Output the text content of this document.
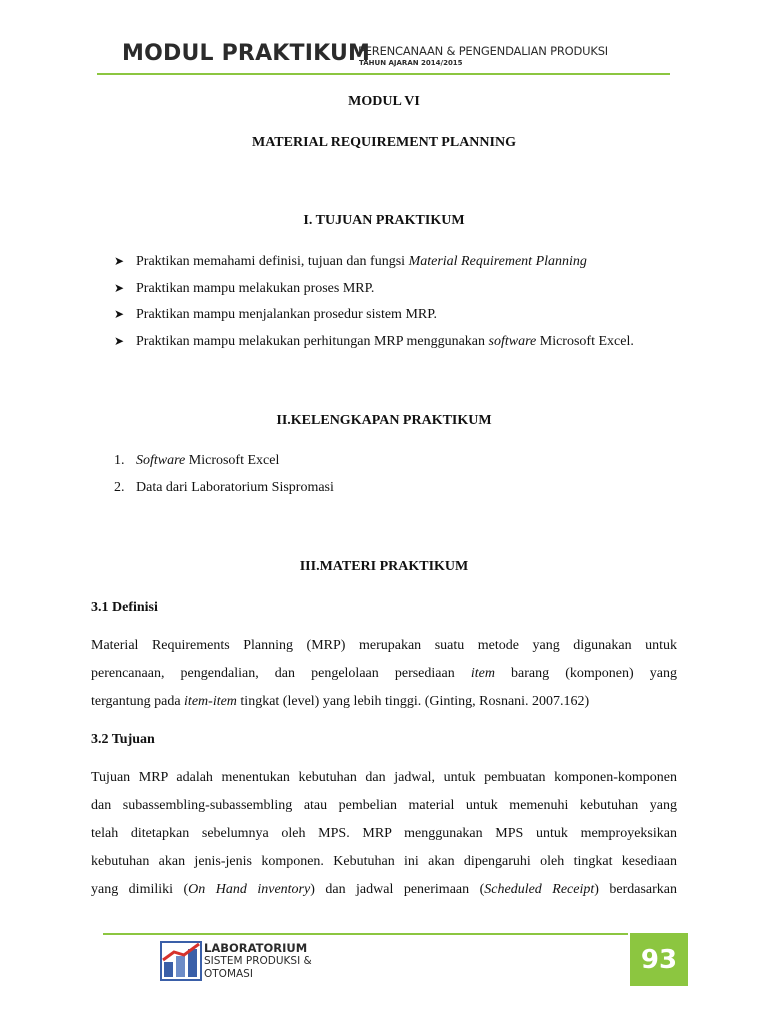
MODUL PRAKTIKUM
PERENCANAAN & PENGENDALIAN PRODUKSI
TAHUN AJARAN 2014/2015
MODUL VI
MATERIAL REQUIREMENT PLANNING
I. TUJUAN PRAKTIKUM
➤ Praktikan memahami definisi, tujuan dan fungsi Material Requirement Planning
➤ Praktikan mampu melakukan proses MRP.
➤ Praktikan mampu menjalankan prosedur sistem MRP.
➤ Praktikan mampu melakukan perhitungan MRP menggunakan software Microsoft Excel.
II.KELENGKAPAN PRAKTIKUM
1. Software Microsoft Excel
2. Data dari Laboratorium Sispromasi
III.MATERI PRAKTIKUM
3.1 Definisi
Material Requirements Planning (MRP) merupakan suatu metode yang digunakan untuk
perencanaan, pengendalian, dan pengelolaan persediaan item barang (komponen) yang
tergantung pada item-item tingkat (level) yang lebih tinggi. (Ginting, Rosnani. 2007.162)
3.2 Tujuan
Tujuan MRP adalah menentukan kebutuhan dan jadwal, untuk pembuatan komponen-komponen
dan subassembling-subassembling atau pembelian material untuk memenuhi kebutuhan yang
telah ditetapkan sebelumnya oleh MPS. MRP menggunakan MPS untuk memproyeksikan
kebutuhan akan jenis-jenis komponen. Kebutuhan ini akan dipengaruhi oleh tingkat kesediaan
yang dimiliki (On Hand inventory) dan jadwal penerimaan (Scheduled Receipt) berdasarkan
LABORATORIUM
SISTEM PRODUKSI &
OTOMASI	93
